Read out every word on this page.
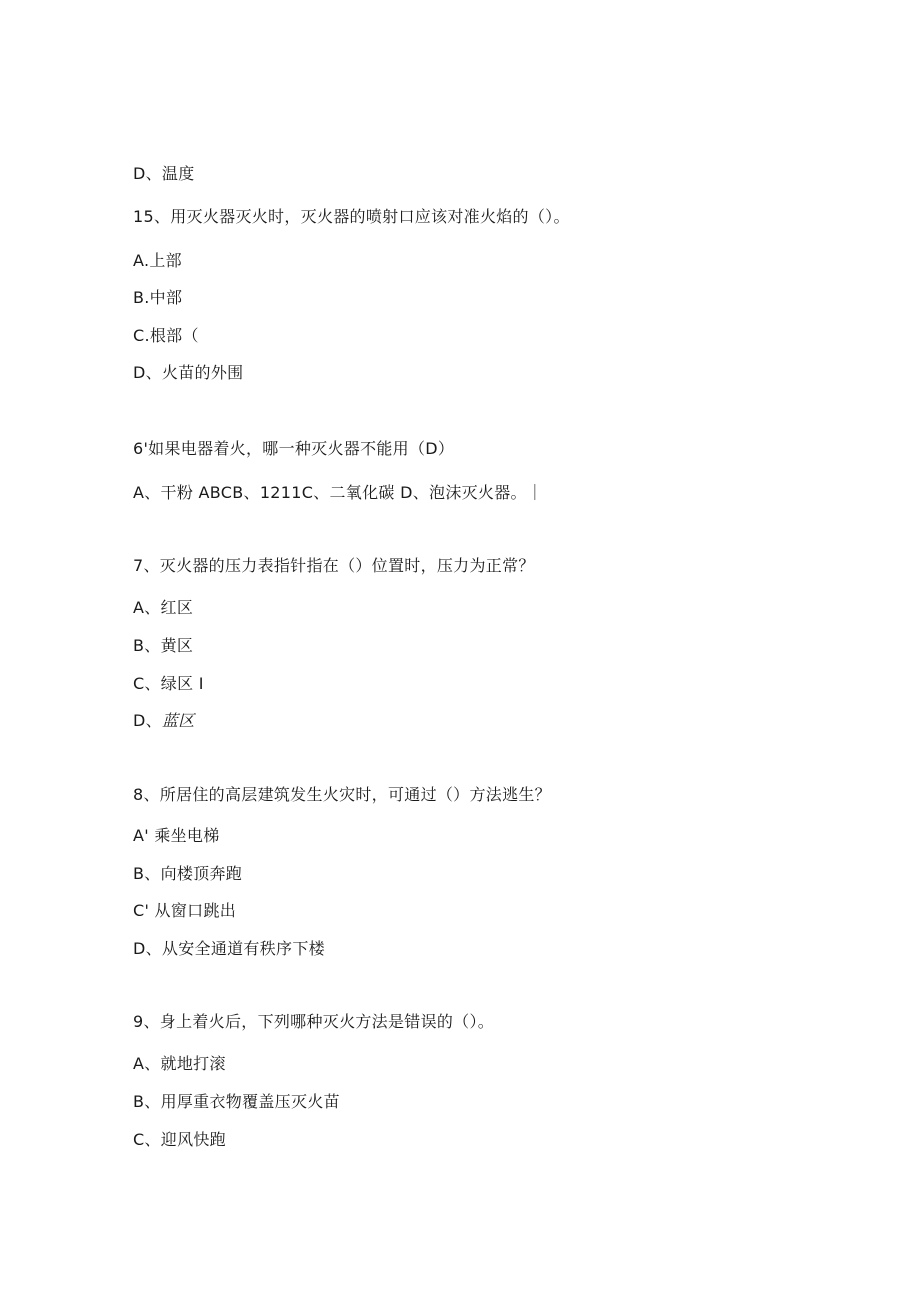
D、温度
15、用灭火器灭火时，灭火器的喷射口应该对准火焰的（）。
A.上部
B.中部
C.根部（
D、火苗的外围
6'如果电器着火，哪一种灭火器不能用（D）
A、干粉 ABCB、1211C、二氧化碳 D、泡沫灭火器。｜
7、灭火器的压力表指针指在（）位置时，压力为正常？
A、红区
B、黄区
C、绿区 I
D、蓝区
8、所居住的高层建筑发生火灾时，可通过（）方法逃生？
A' 乘坐电梯
B、向楼顶奔跑
C' 从窗口跳出
D、从安全通道有秩序下楼
9、身上着火后，下列哪种灭火方法是错误的（）。
A、就地打滚
B、用厚重衣物覆盖压灭火苗
C、迎风快跑
